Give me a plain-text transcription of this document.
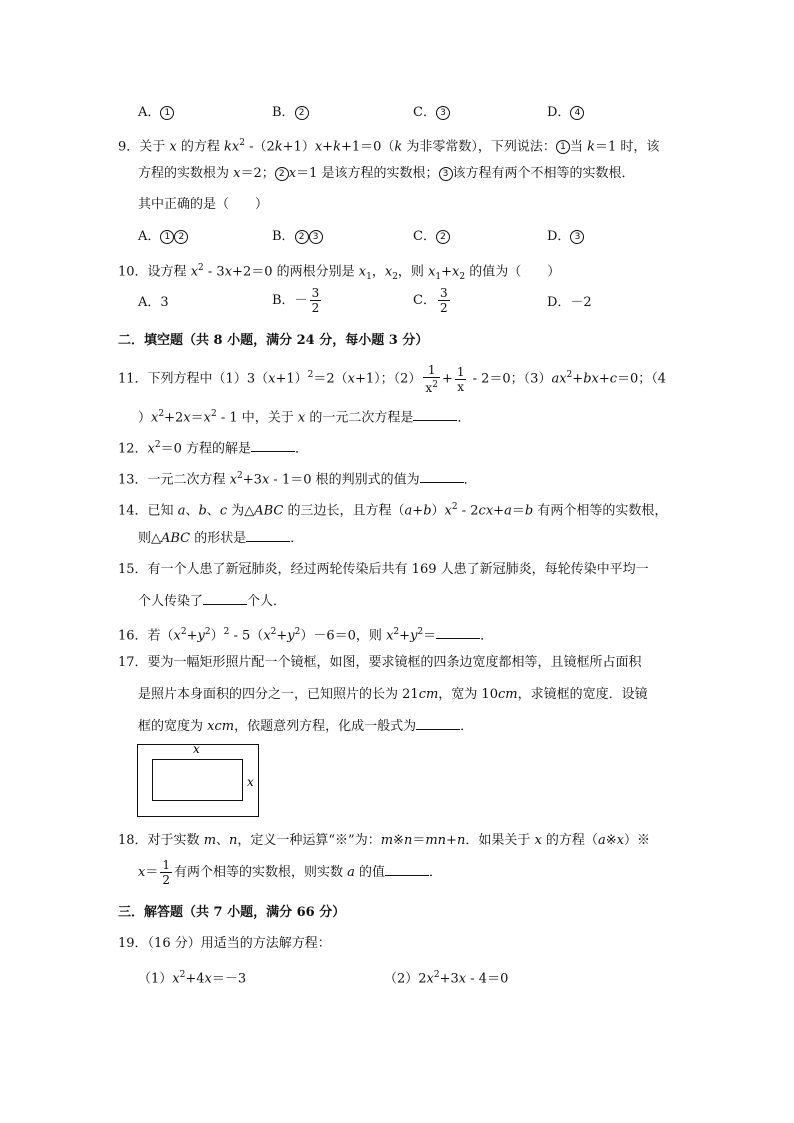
A． 1	B． 2	C． 3	D． 4
9．关于 x 的方程 $kx^2$ -（2k+1）x+k+1＝0（k 为非零常数），下列说法： 1 当 k＝1 时，该
方程的实数根为 x＝2； 2 x＝1 是该方程的实数根； 3 该方程有两个不相等的实数根．
其中正确的是（　　）
A． 1 2	B． 2 3	C． 2	D． 3
10．设方程 $x^2 - 3x+2=0$ 的两根分别是 $x_1$，$x_2$，则 $x_1+x_2$ 的值为（　　）
A．3	B．－ $\frac{3}{2}$	C． $\frac{3}{2}$	D．－2
二．填空题（共 8 小题，满分 24 分，每小题 3 分）
11．下列方程中$(1)3(x+1)^2=2(x+1)$；$(2) \frac{1}{x^2} + \frac{1}{x} - 2=0$；$(3)ax^2+bx+c=0$；（4
）$x^2+2x=x^2 - 1$ 中，关于 x 的一元二次方程是	．
12．$x^2=0$ 方程的解是	．
13．一元二次方程 $x^2+3x - 1=0$ 根的判别式的值为	．
14．已知 a、b、c 为△ABC 的三边长，且方程$(a+b)x^2 - 2cx+a=b$ 有两个相等的实数根，
则△ABC 的形状是	．
15．有一个人患了新冠肺炎，经过两轮传染后共有 169 人患了新冠肺炎，每轮传染中平均一
个人传染了	个人．
16．若$(x^2+y^2)^2 - 5(x^2+y^2)-6=0$，则 $x^2+y^2=$	．
17．要为一幅矩形照片配一个镜框，如图，要求镜框的四条边宽度都相等，且镜框所占面积
是照片本身面积的四分之一，已知照片的长为 21cm，宽为 10cm，求镜框的宽度．设镜
框的宽度为 xcm，依题意列方程，化成一般式为	．
x
x
18．对于实数 m、n，定义一种运算“※”为：m※n＝mn+n．如果关于 x 的方程（a※x）※
$x= \frac{1}{2}$ 有两个相等的实数根，则实数 a 的值	．
三．解答题（共 7 小题，满分 66 分）
19．（16 分）用适当的方法解方程：
$(1)x^2+4x=-3$	$(2)2x^2+3x - 4=0$
